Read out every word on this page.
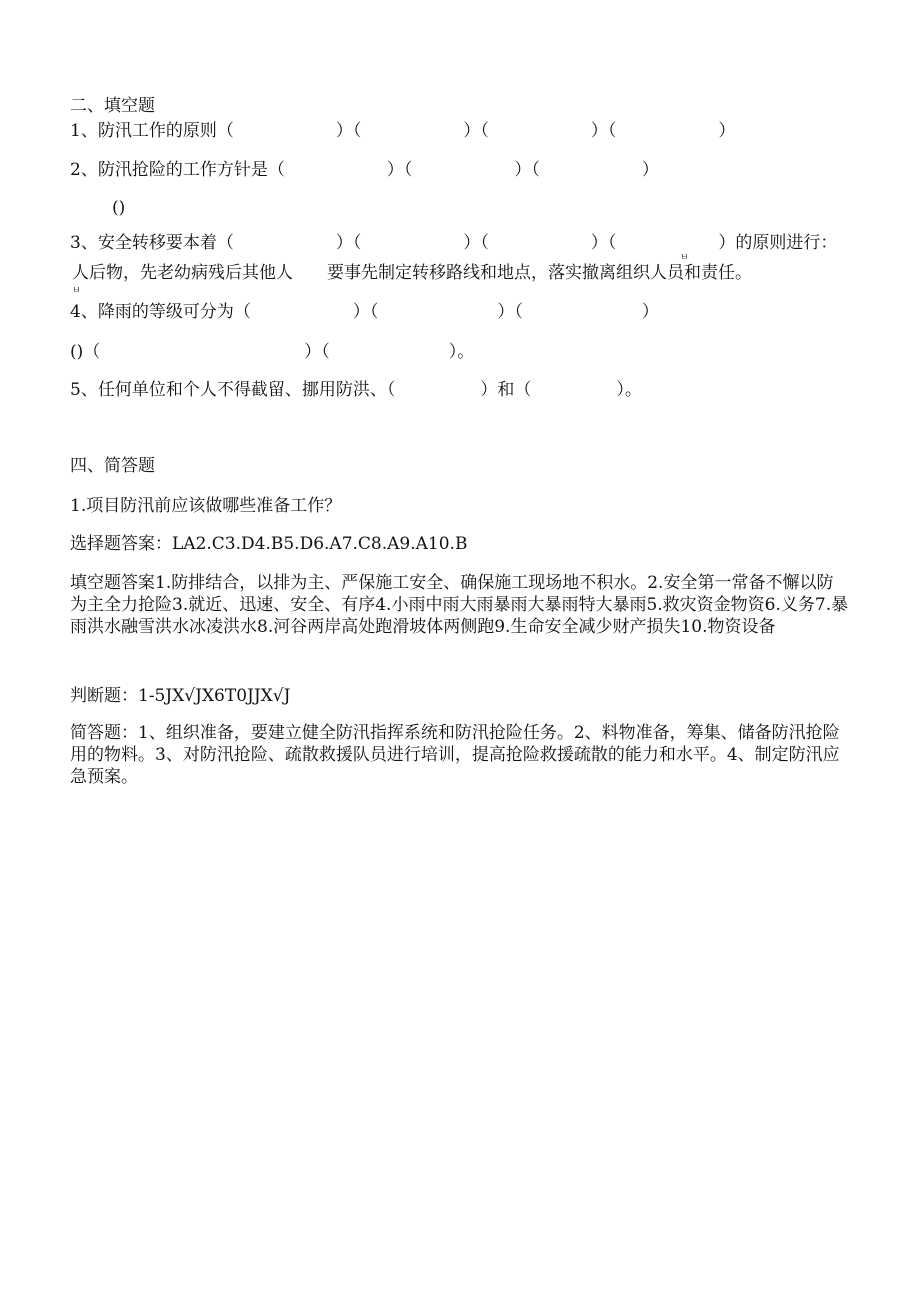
二、填空题
1、防汛工作的原则（　　　　　　）（　　　　　　）（　　　　　　）（　　　　　　）
2、防汛抢险的工作方针是（　　　　　　）（　　　　　　）（　　　　　　）
()
3、安全转移要本着（　　　　　　）（　　　　　　）（　　　　　　）（　　　　　　）的原则进行：
人后物，先老幼病残后其他人　　要事先制定转移路线和地点，落实撤离组织人员和责任。
ㅂ
ㅂ
4、降雨的等级可分为（　　　　　　）（　　　　　　　）（　　　　　　　）
()（　　　　　　　　　　　　）（　　　　　　　）。
5、任何单位和个人不得截留、挪用防洪、（　　　　　）和（　　　　　）。
四、简答题
1.项目防汛前应该做哪些准备工作？
选择题答案：LA2.C3.D4.B5.D6.A7.C8.A9.A10.B
填空题答案1.防排结合，以排为主、严保施工安全、确保施工现场地不积水。2.安全第一常备不懈以防为主全力抢险3.就近、迅速、安全、有序4.小雨中雨大雨暴雨大暴雨特大暴雨5.救灾资金物资6.义务7.暴雨洪水融雪洪水冰凌洪水8.河谷两岸高处跑滑坡体两侧跑9.生命安全减少财产损失10.物资设备
判断题：1-5JX√JX6T0JJX√J
简答题：1、组织准备，要建立健全防汛指挥系统和防汛抢险任务。2、料物准备，筹集、储备防汛抢险用的物料。3、对防汛抢险、疏散救援队员进行培训，提高抢险救援疏散的能力和水平。4、制定防汛应急预案。
